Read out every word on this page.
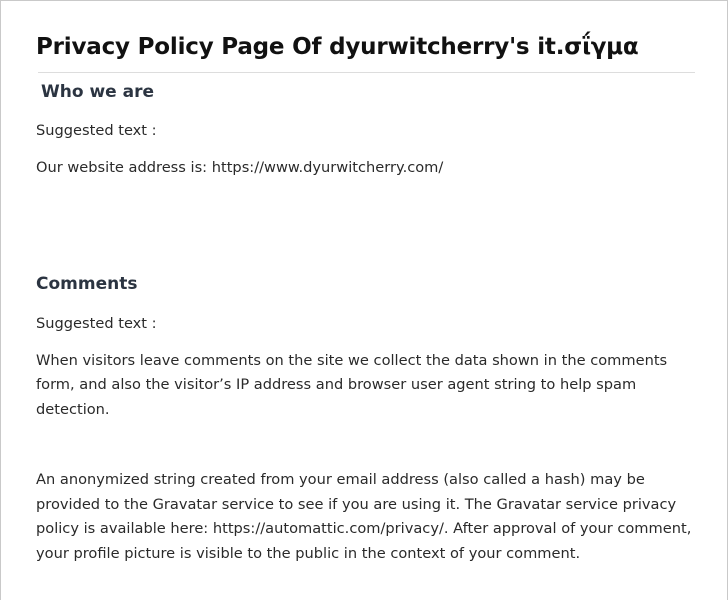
Privacy Policy Page Of dyurwitcherry's it.σΐγμα
Who we are

Suggested text :

Our website address is: https://www.dyurwitcherry.com/

Comments

Suggested text :

When visitors leave comments on the site we collect the data shown in the comments form, and also the visitor’s IP address and browser user agent string to help spam detection.

An anonymized string created from your email address (also called a hash) may be provided to the Gravatar service to see if you are using it. The Gravatar service privacy policy is available here: https://automattic.com/privacy/. After approval of your comment, your profile picture is visible to the public in the context of your comment.
